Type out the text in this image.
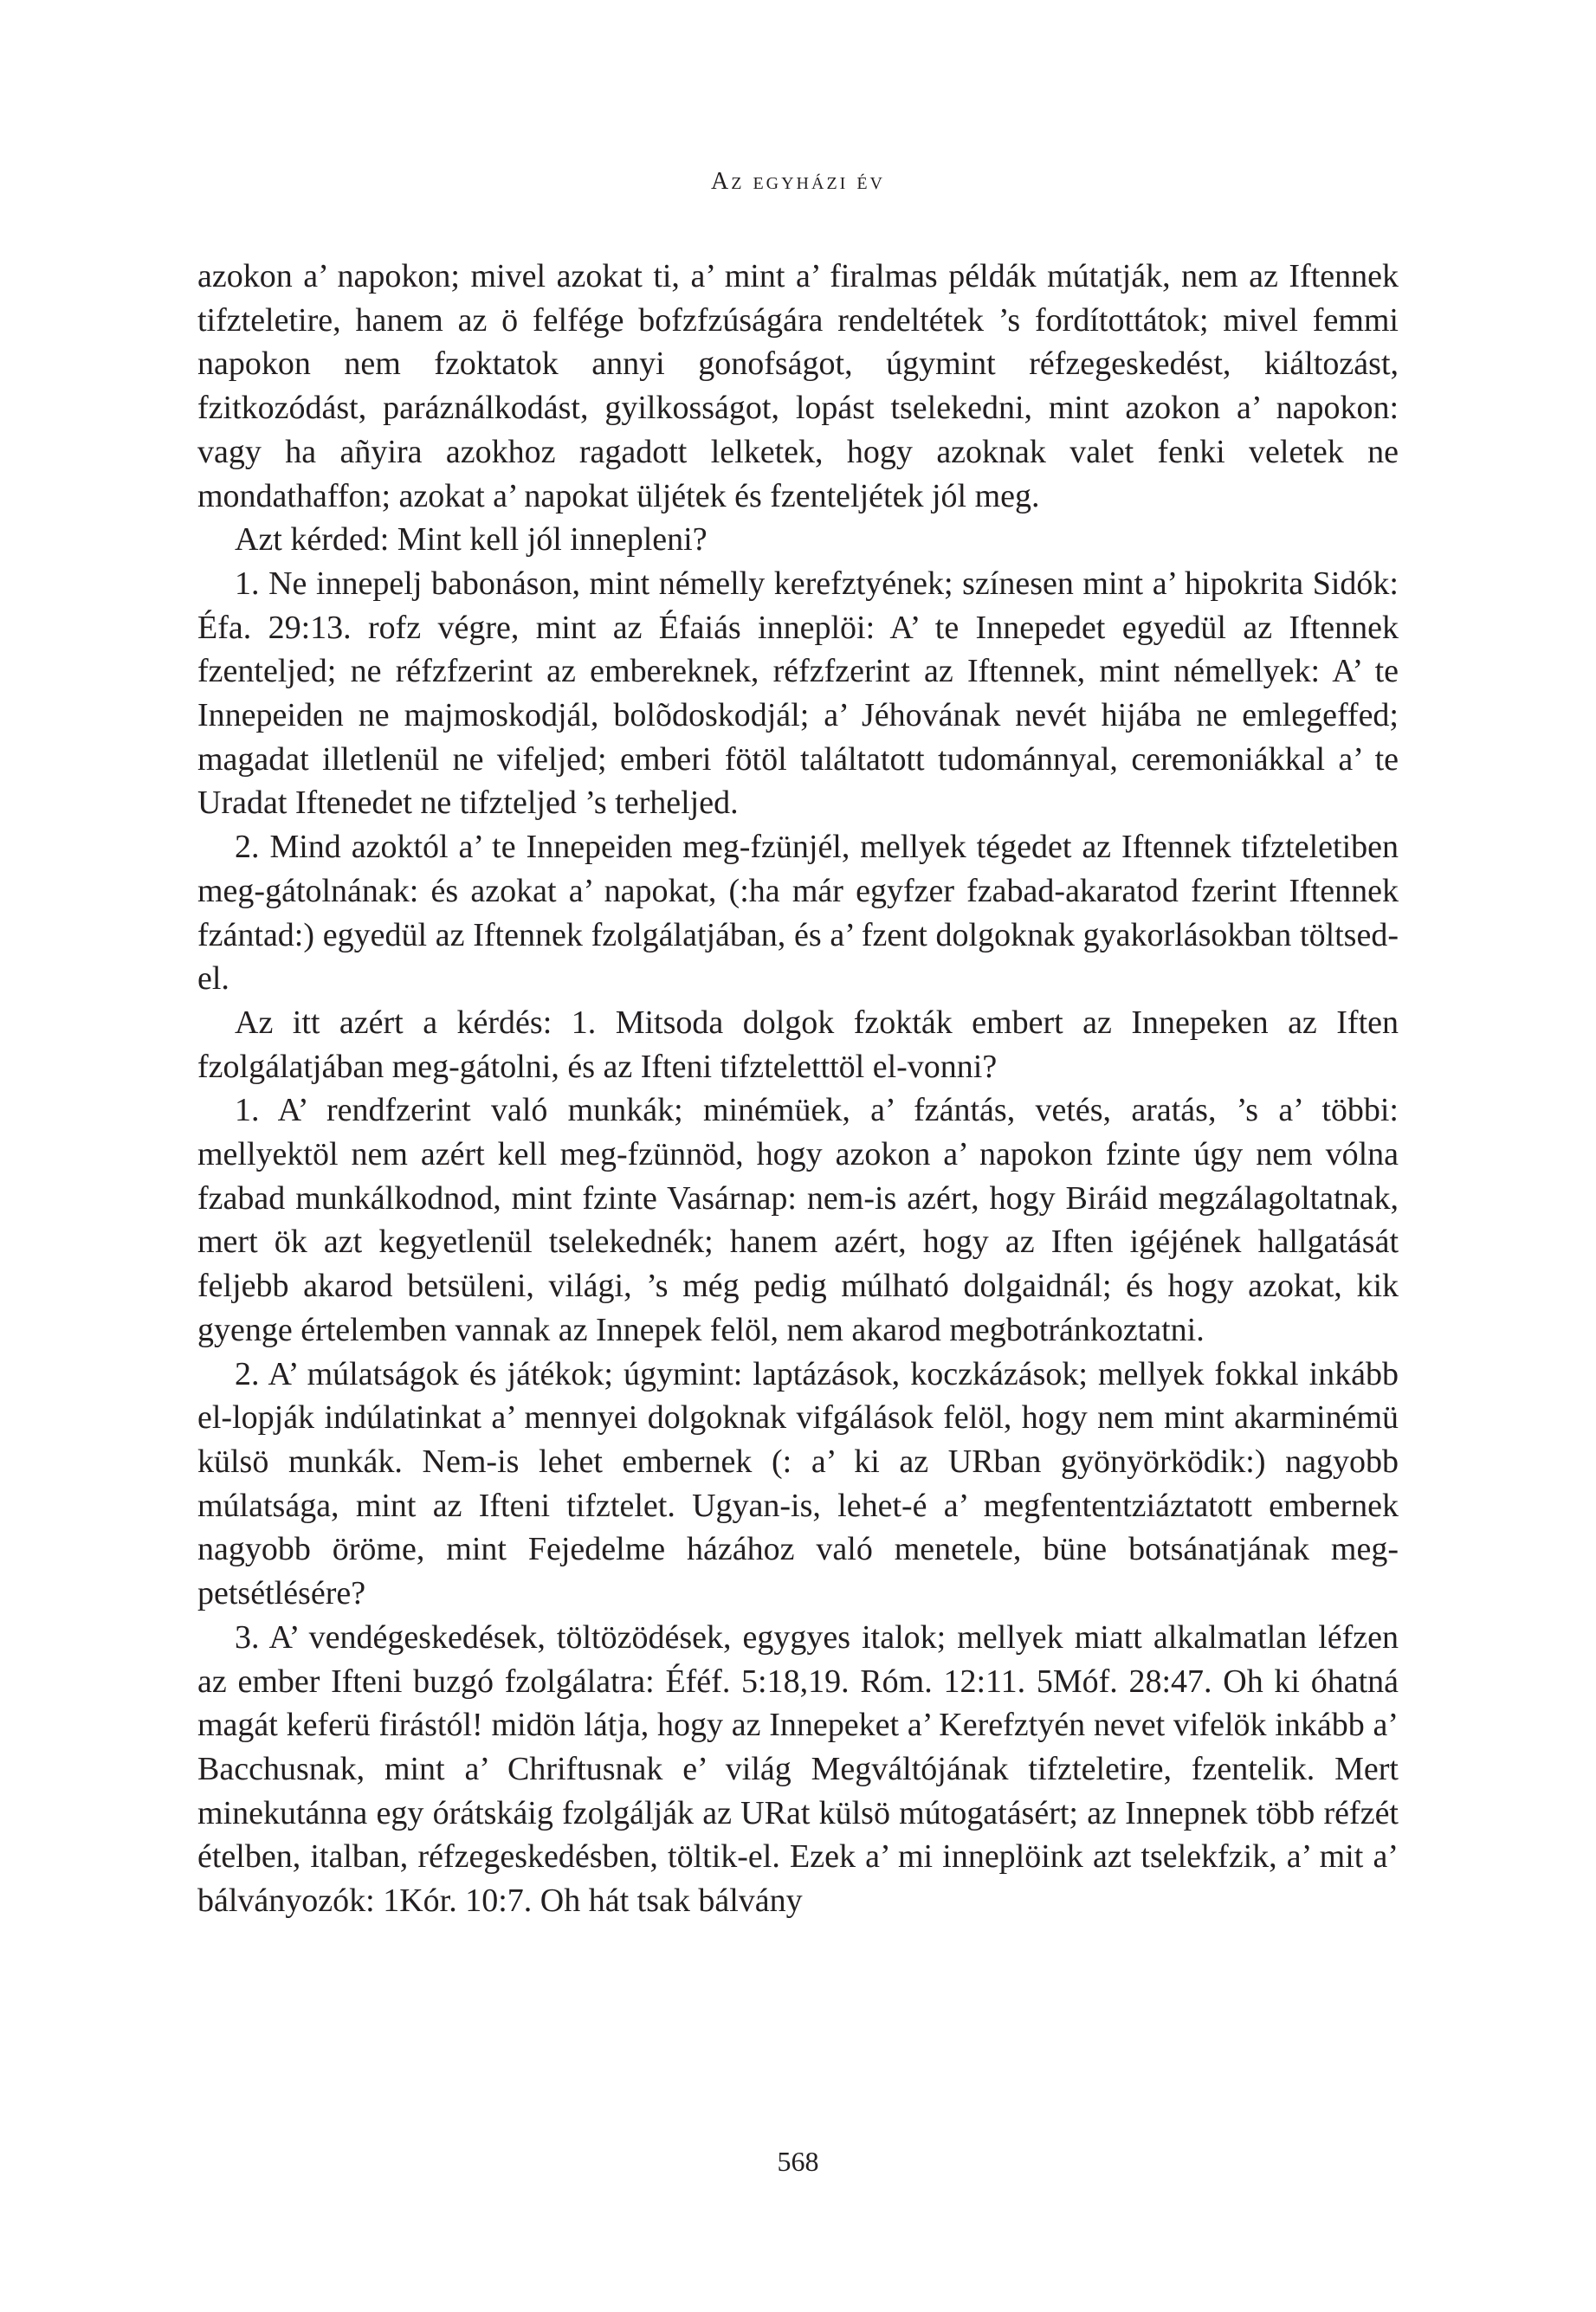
Az egyházi év

azokon a’ napokon; mivel azokat ti, a’ mint a’ firalmas példák mútatják, nem az Iftennek tifzteletire, hanem az ö felfége bofzfzúságára rendeltétek ’s fordítottátok; mivel femmi napokon nem fzoktatok annyi gonofságot, úgymint réfzegeskedést, kiáltozást, fzitkozódást, paráználkodást, gyilkosságot, lopást tselekedni, mint azokon a’ napokon: vagy ha añyira azokhoz ragadott lelketek, hogy azoknak valet fenki veletek ne mondathaffon; azokat a’ napokat üljétek és fzenteljétek jól meg.

Azt kérded: Mint kell jól innepleni?

1. Ne innepelj babonáson, mint némelly kerefztyének; színesen mint a’ hipokrita Sidók: Éfa. 29:13. rofz végre, mint az Éfaiás inneplöi: A’ te Innepedet egyedül az Iftennek fzenteljed; ne réfzfzerint az embereknek, réfzfzerint az Iftennek, mint némellyek: A’ te Innepeiden ne majmoskodjál, bolõdoskodjál; a’ Jéhovának nevét hijába ne emlegeffed; magadat illetlenül ne vifeljed; emberi fötöl találtatott tudománnyal, ceremoniákkal a’ te Uradat Iftenedet ne tifzteljed ’s terheljed.

2. Mind azoktól a’ te Innepeiden meg-fzünjél, mellyek tégedet az Iftennek tifzteletiben meg-gátolnának: és azokat a’ napokat, (:ha már egyfzer fzabad-akaratod fzerint Iftennek fzántad:) egyedül az Iftennek fzolgálatjában, és a’ fzent dolgoknak gyakorlásokban töltsed-el.

Az itt azért a kérdés: 1. Mitsoda dolgok fzokták embert az Innepeken az Iften fzolgálatjában meg-gátolni, és az Ifteni tifzteletttöl el-vonni?

1. A’ rendfzerint való munkák; minémüek, a’ fzántás, vetés, aratás, ’s a’ többi: mellyektöl nem azért kell meg-fzünnöd, hogy azokon a’ napokon fzinte úgy nem vólna fzabad munkálkodnod, mint fzinte Vasárnap: nem-is azért, hogy Biráid megzálagoltatnak, mert ök azt kegyetlenül tselekednék; hanem azért, hogy az Iften igéjének hallgatását feljebb akarod betsüleni, világi, ’s még pedig múlható dolgaidnál; és hogy azokat, kik gyenge értelemben vannak az Innepek felöl, nem akarod megbotránkoztatni.

2. A’ múlatságok és játékok; úgymint: laptázások, koczkázások; mellyek fokkal inkább el-lopják indúlatinkat a’ mennyei dolgoknak vifgálások felöl, hogy nem mint akarminémü külsö munkák. Nem-is lehet embernek (: a’ ki az URban gyönyörködik:) nagyobb múlatsága, mint az Ifteni tifztelet. Ugyan-is, lehet-é a’ megfententziáztatott embernek nagyobb öröme, mint Fejedelme házához való menetele, büne botsánatjának meg-petsétlésére?

3. A’ vendégeskedések, töltözödések, egygyes italok; mellyek miatt alkalmatlan léfzen az ember Ifteni buzgó fzolgálatra: Éféf. 5:18,19. Róm. 12:11. 5Móf. 28:47. Oh ki óhatná magát keferü firástól! midön látja, hogy az Innepeket a’ Kerefztyén nevet vifelök inkább a’ Bacchusnak, mint a’ Chriftusnak e’ világ Megváltójának tifzteletire, fzentelik. Mert minekutánna egy órátskáig fzolgálják az URat külsö mútogatásért; az Innepnek több réfzét ételben, italban, réfzegeskedésben, töltik-el. Ezek a’ mi inneplöink azt tselekfzik, a’ mit a’ bálványozók: 1Kór. 10:7. Oh hát tsak bálvány

568
